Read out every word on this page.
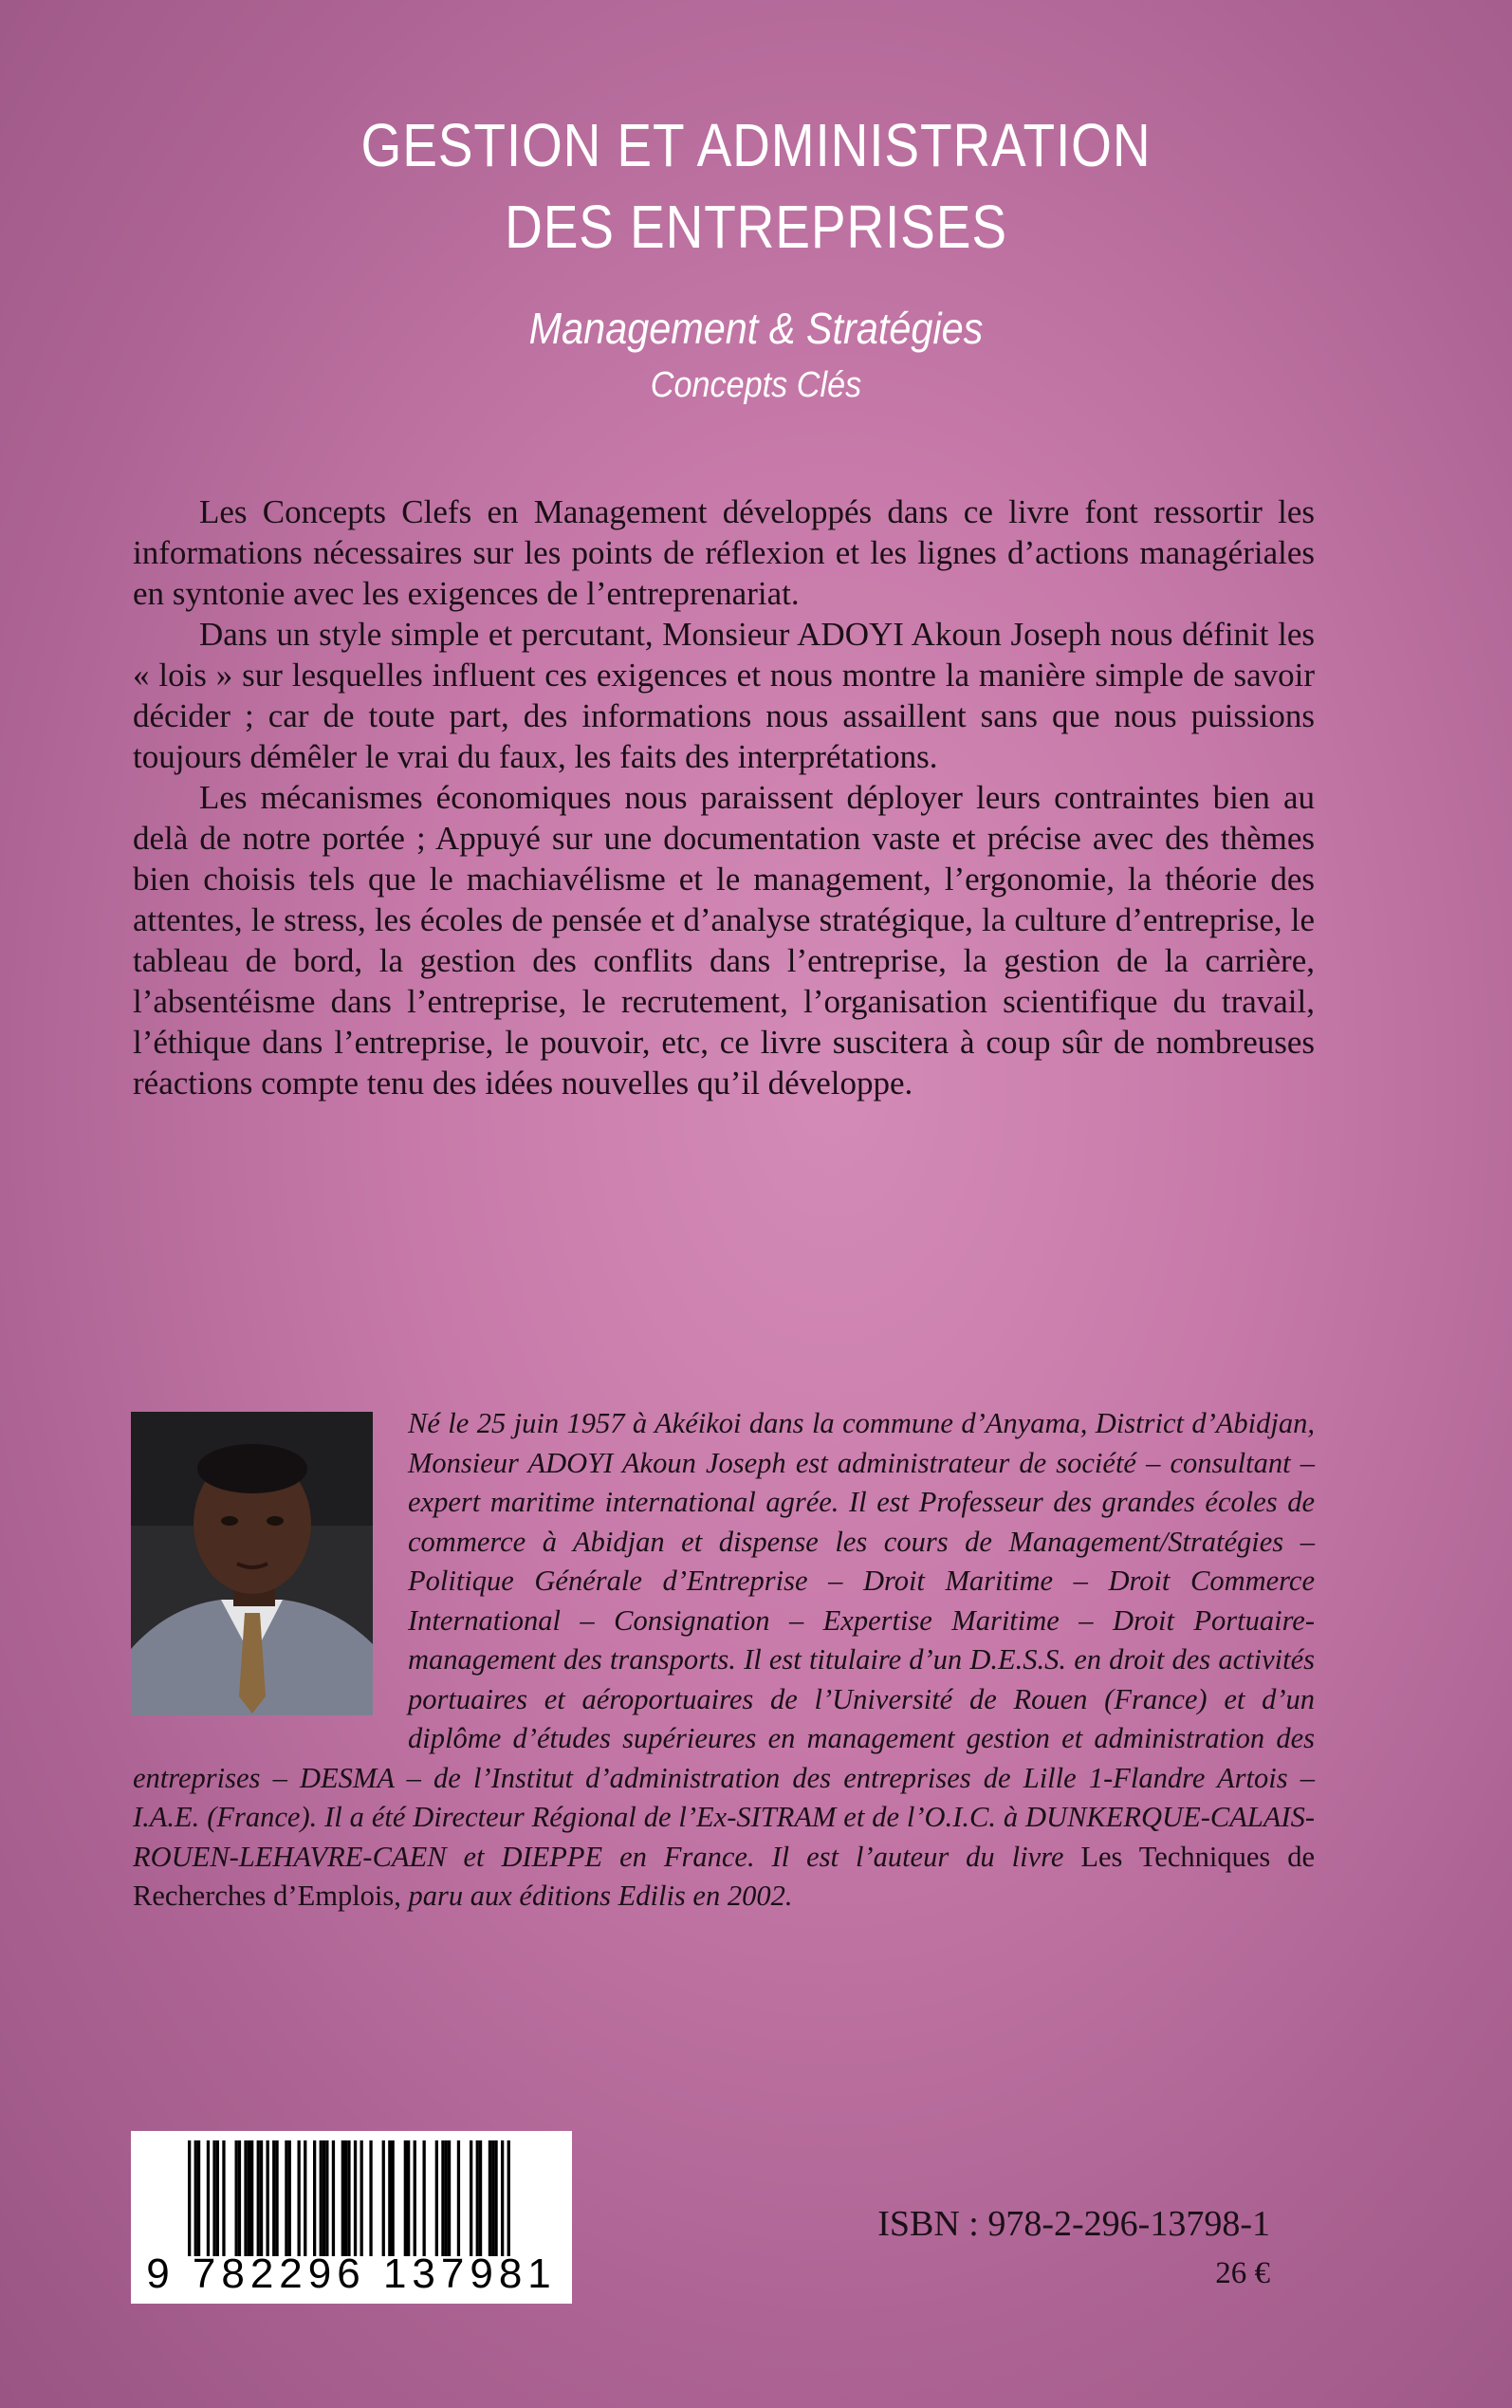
GESTION ET ADMINISTRATION
DES ENTREPRISES
Management & Stratégies
Concepts Clés

Les Concepts Clefs en Management développés dans ce livre font ressortir les informations nécessaires sur les points de réflexion et les lignes d’actions managériales en syntonie avec les exigences de l’entreprenariat.

Dans un style simple et percutant, Monsieur ADOYI Akoun Joseph nous définit les « lois » sur lesquelles influent ces exigences et nous montre la manière simple de savoir décider ; car de toute part, des informations nous assaillent sans que nous puissions toujours démêler le vrai du faux, les faits des interprétations.

Les mécanismes économiques nous paraissent déployer leurs contraintes bien au delà de notre portée ; Appuyé sur une documentation vaste et précise avec des thèmes bien choisis tels que le machiavélisme et le management, l’ergonomie, la théorie des attentes, le stress, les écoles de pensée et d’analyse stratégique, la culture d’entreprise, le tableau de bord, la gestion des conflits dans l’entreprise, la gestion de la carrière, l’absentéisme dans l’entreprise, le recrutement, l’organisation scientifique du travail, l’éthique dans l’entreprise, le pouvoir, etc, ce livre suscitera à coup sûr de nombreuses réactions compte tenu des idées nouvelles qu’il développe.

Né le 25 juin 1957 à Akéikoi dans la commune d’Anyama, District d’Abidjan, Monsieur ADOYI Akoun Joseph est administrateur de société – consultant – expert maritime international agrée. Il est Professeur des grandes écoles de commerce à Abidjan et dispense les cours de Management/Stratégies – Politique Générale d’Entreprise – Droit Maritime – Droit Commerce International – Consignation – Expertise Maritime – Droit Portuaire-management des transports. Il est titulaire d’un D.E.S.S. en droit des activités portuaires et aéroportuaires de l’Université de Rouen (France) et d’un diplôme d’études supérieures en management gestion et administration des entreprises – DESMA – de l’Institut d’administration des entreprises de Lille 1-Flandre Artois – I.A.E. (France). Il a été Directeur Régional de l’Ex-SITRAM et de l’O.I.C. à DUNKERQUE-CALAIS-ROUEN-LEHAVRE-CAEN et DIEPPE en France. Il est l’auteur du livre Les Techniques de Recherches d’Emplois, paru aux éditions Edilis en 2002.
9 782296 137981
ISBN : 978-2-296-13798-1
26 €
